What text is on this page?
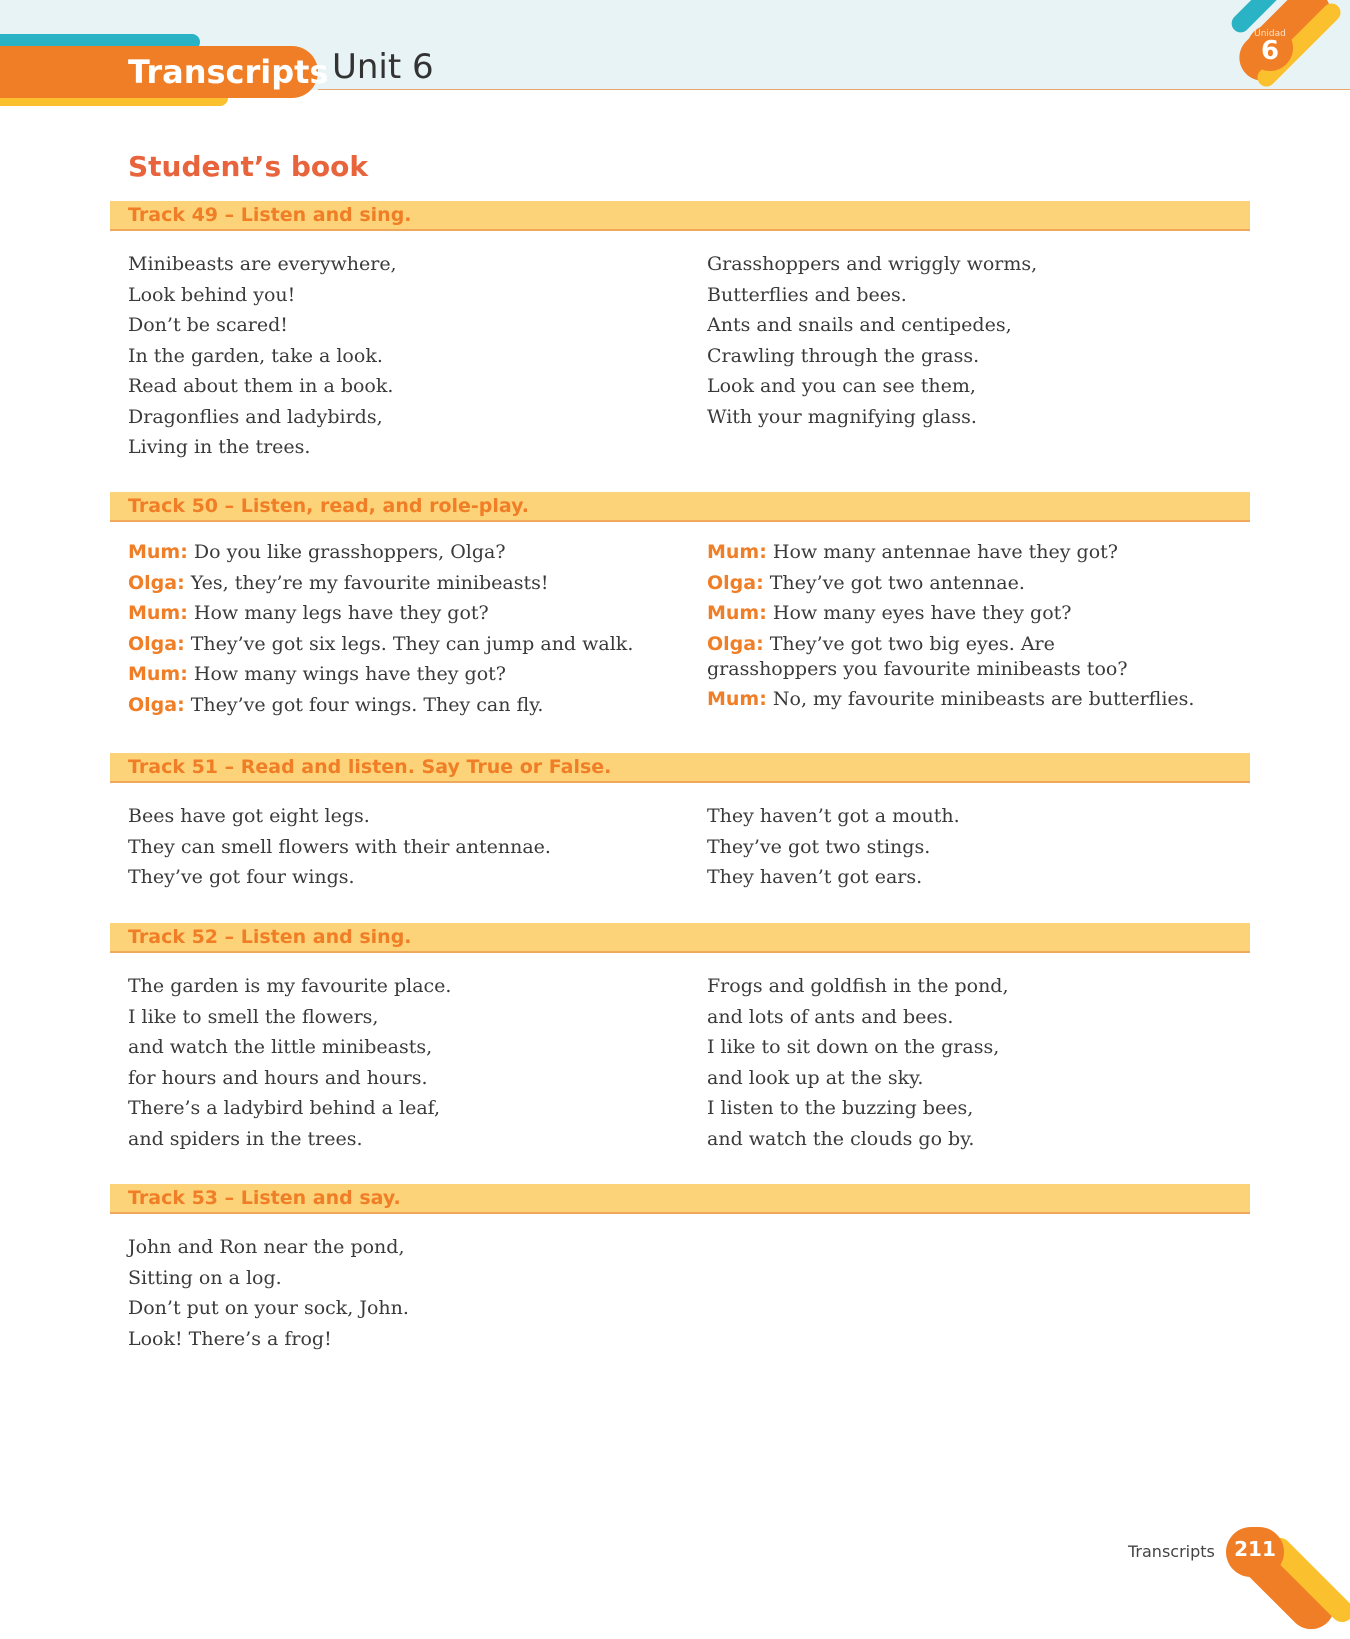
Transcripts Unit 6
Unidad
6
Student’s book
Track 49 – Listen and sing.
Minibeasts are everywhere,
Look behind you!
Don’t be scared!
In the garden, take a look.
Read about them in a book.
Dragonflies and ladybirds,
Living in the trees.
Grasshoppers and wriggly worms,
Butterflies and bees.
Ants and snails and centipedes,
Crawling through the grass.
Look and you can see them,
With your magnifying glass.
Track 50 – Listen, read, and role-play.
Mum: Do you like grasshoppers, Olga?
Olga: Yes, they’re my favourite minibeasts!
Mum: How many legs have they got?
Olga: They’ve got six legs. They can jump and walk.
Mum: How many wings have they got?
Olga: They’ve got four wings. They can fly.
Mum: How many antennae have they got?
Olga: They’ve got two antennae.
Mum: How many eyes have they got?
Olga: They’ve got two big eyes. Are grasshoppers you favourite minibeasts too?
Mum: No, my favourite minibeasts are butterflies.
Track 51 – Read and listen. Say True or False.
Bees have got eight legs.
They can smell flowers with their antennae.
They’ve got four wings.
They haven’t got a mouth.
They’ve got two stings.
They haven’t got ears.
Track 52 – Listen and sing.
The garden is my favourite place.
I like to smell the flowers,
and watch the little minibeasts,
for hours and hours and hours.
There’s a ladybird behind a leaf,
and spiders in the trees.
Frogs and goldfish in the pond,
and lots of ants and bees.
I like to sit down on the grass,
and look up at the sky.
I listen to the buzzing bees,
and watch the clouds go by.
Track 53 – Listen and say.
John and Ron near the pond,
Sitting on a log.
Don’t put on your sock, John.
Look! There’s a frog!
Transcripts 211
